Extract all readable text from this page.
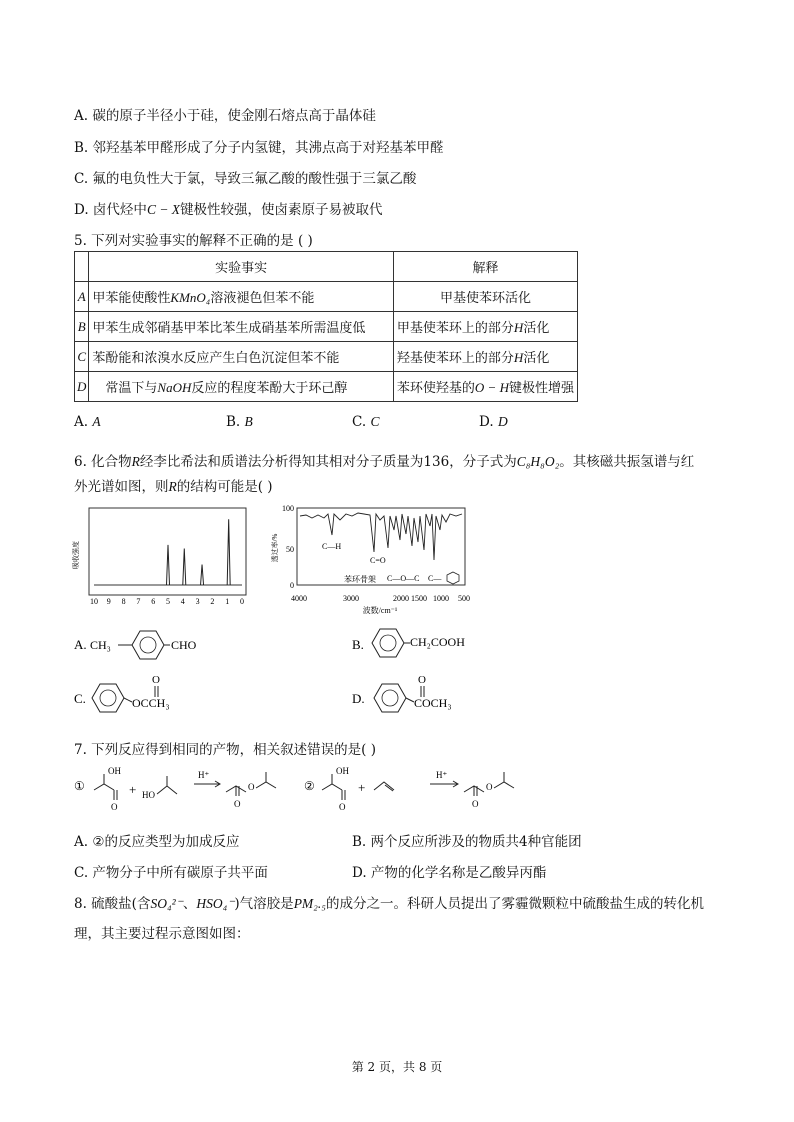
A. 碳的原子半径小于硅，使金刚石熔点高于晶体硅
B. 邻羟基苯甲醛形成了分子内氢键，其沸点高于对羟基苯甲醛
C. 氟的电负性大于氯，导致三氟乙酸的酸性强于三氯乙酸
D. 卤代烃中C − X键极性较强，使卤素原子易被取代
5. 下列对实验事实的解释不正确的是 ( )
	实验事实	解释
A	甲苯能使酸性KMnO₄溶液褪色但苯不能	甲基使苯环活化
B	甲苯生成邻硝基甲苯比苯生成硝基苯所需温度低	甲基使苯环上的部分H活化
C	苯酚能和浓溴水反应产生白色沉淀但苯不能	羟基使苯环上的部分H活化
D	常温下与NaOH反应的程度苯酚大于环己醇	苯环使羟基的O − H键极性增强
A. A	B. B	C. C	D. D
6. 化合物R经李比希法和质谱法分析得知其相对分子质量为136，分子式为C₈H₈O₂。其核磁共振氢谱与红
外光谱如图，则R的结构可能是( )
吸收强度
10 9 8 7 6 5 4 3 2 1 0
透过率/%
100
50
0
4000	3000	2000 1500 1000 500
波数/cm⁻¹
C—H
C=O
苯环骨架 C—O—C C—
A. CH₃	CHO	B.	CH₂COOH
C.	OCCH₃
O
D.	COCH₃
O
7. 下列反应得到相同的产物，相关叙述错误的是( )
①
OH
O
+ HO
H⁺
O
O	②
OH
O
+
H⁺
O
O
A. ②的反应类型为加成反应	B. 两个反应所涉及的物质共4种官能团
C. 产物分子中所有碳原子共平面	D. 产物的化学名称是乙酸异丙酯
8. 硫酸盐(含SO₄²⁻、HSO₄⁻)气溶胶是PM₂.₅的成分之一。科研人员提出了雾霾微颗粒中硫酸盐生成的转化机
理，其主要过程示意图如图：
第 2 页，共 8 页
